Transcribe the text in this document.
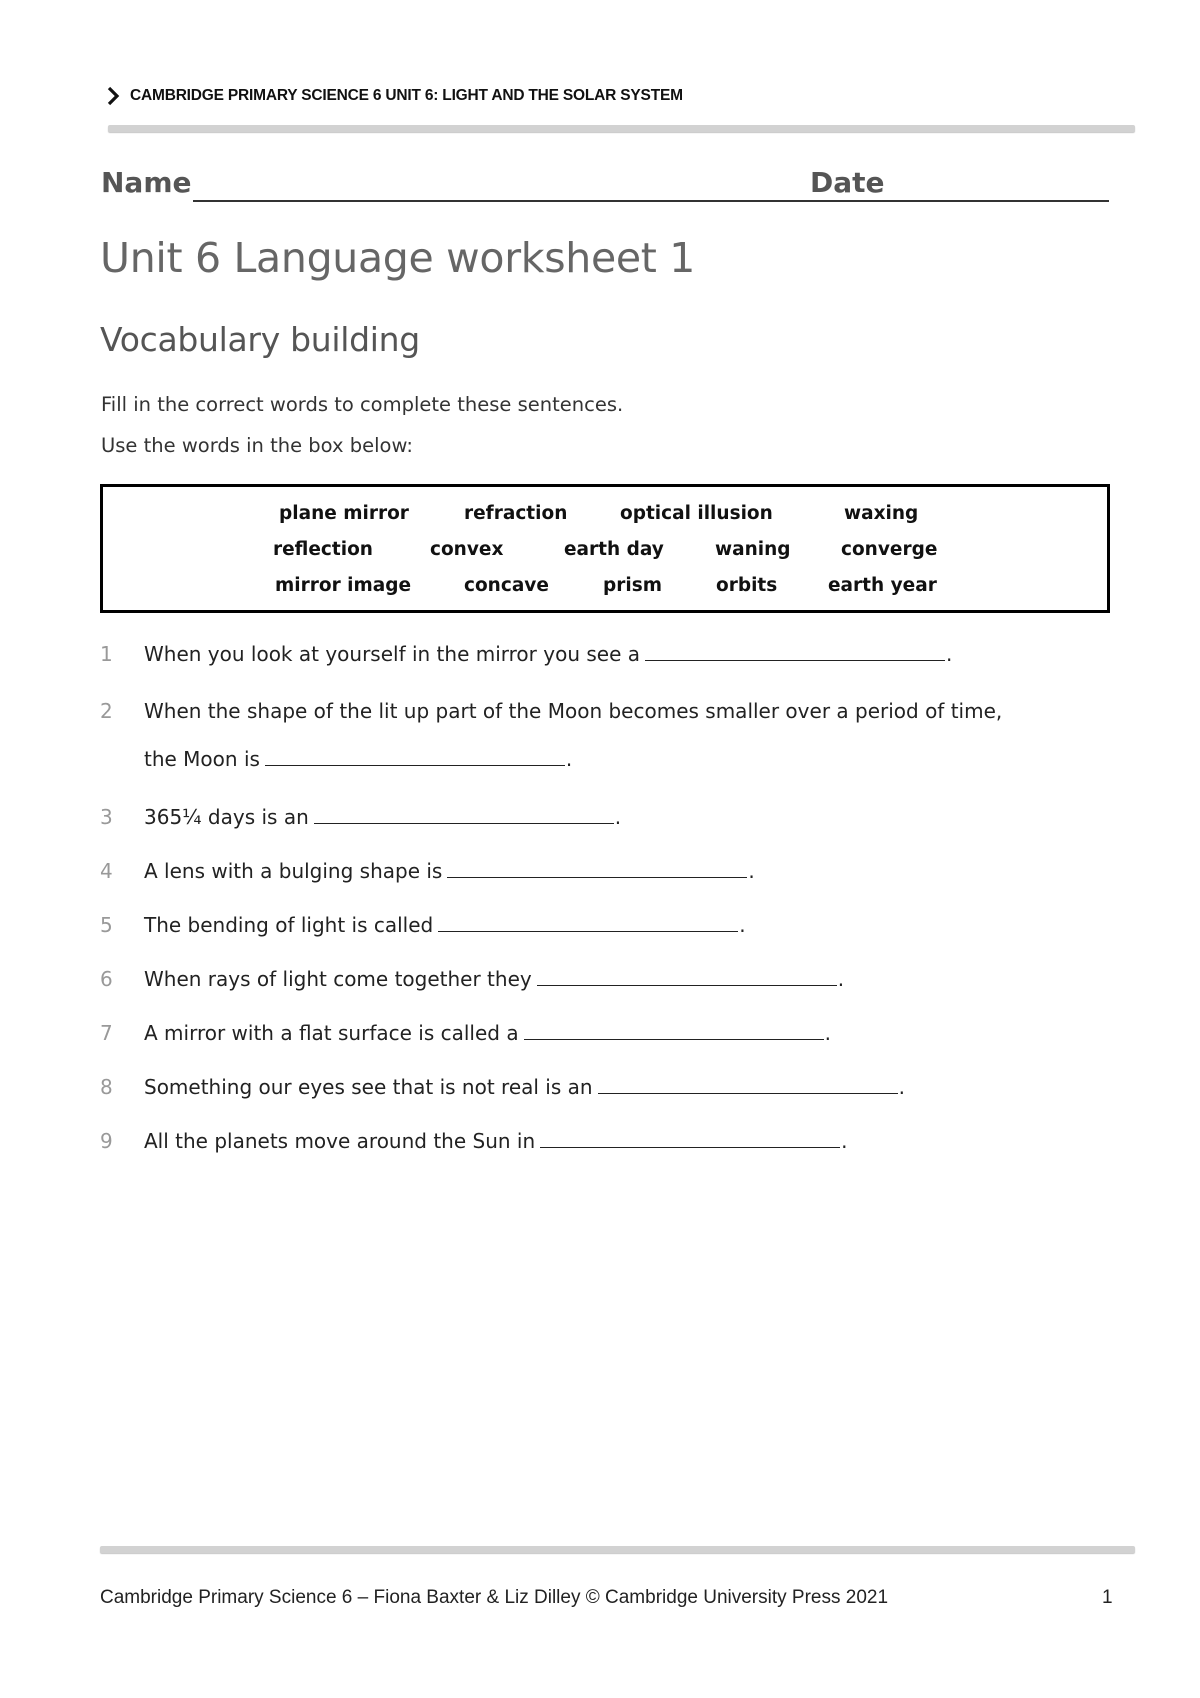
CAMBRIDGE PRIMARY SCIENCE 6 UNIT 6: LIGHT AND THE SOLAR SYSTEM
Name	Date
Unit 6 Language worksheet 1
Vocabulary building
Fill in the correct words to complete these sentences.
Use the words in the box below:
plane mirror	refraction	optical illusion	waxing
reflection	convex	earth day	waning	converge
mirror image	concave	prism	orbits	earth year
1	When you look at yourself in the mirror you see a	.
2	When the shape of the lit up part of the Moon becomes smaller over a period of time,
the Moon is	.
3	365¼ days is an	.
4	A lens with a bulging shape is	.
5	The bending of light is called	.
6	When rays of light come together they	.
7	A mirror with a flat surface is called a	.
8	Something our eyes see that is not real is an	.
9	All the planets move around the Sun in	.
Cambridge Primary Science 6 – Fiona Baxter & Liz Dilley © Cambridge University Press 2021	1
